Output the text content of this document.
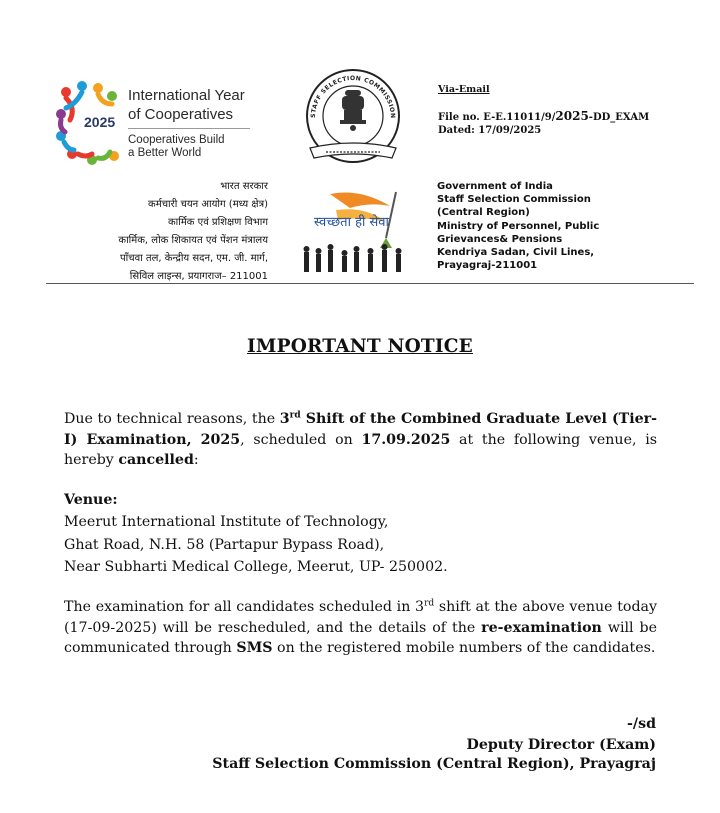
2025
International Year
of Cooperatives
Cooperatives Build
a Better World
STAFF SELECTION COMMISSION
Via-Email
File no. E-E.11011/9/2025-DD_EXAM
Dated: 17/09/2025
भारत सरकार
कर्मचारी चयन आयोग (मध्य क्षेत्र)
कार्मिक एवं प्रशिक्षण विभाग
कार्मिक, लोक शिकायत एवं पेंशन मंत्रालय
पाँचवा तल, केन्द्रीय सदन, एम. जी. मार्ग,
सिविल लाइन्स, प्रयागराज– 211001
स्वच्छता ही सेवा
Government of India
Staff Selection Commission
(Central Region)
Ministry of Personnel, Public
Grievances& Pensions
Kendriya Sadan, Civil Lines,
Prayagraj-211001
IMPORTANT NOTICE
Due to technical reasons, the 3rd Shift of the Combined Graduate Level (Tier-I) Examination, 2025, scheduled on 17.09.2025 at the following venue, is hereby cancelled:
Venue:
Meerut International Institute of Technology,
Ghat Road, N.H. 58 (Partapur Bypass Road),
Near Subharti Medical College, Meerut, UP- 250002.
The examination for all candidates scheduled in 3rd shift at the above venue today (17-09-2025) will be rescheduled, and the details of the re-examination will be communicated through SMS on the registered mobile numbers of the candidates.
-/sd
Deputy Director (Exam)
Staff Selection Commission (Central Region), Prayagraj
